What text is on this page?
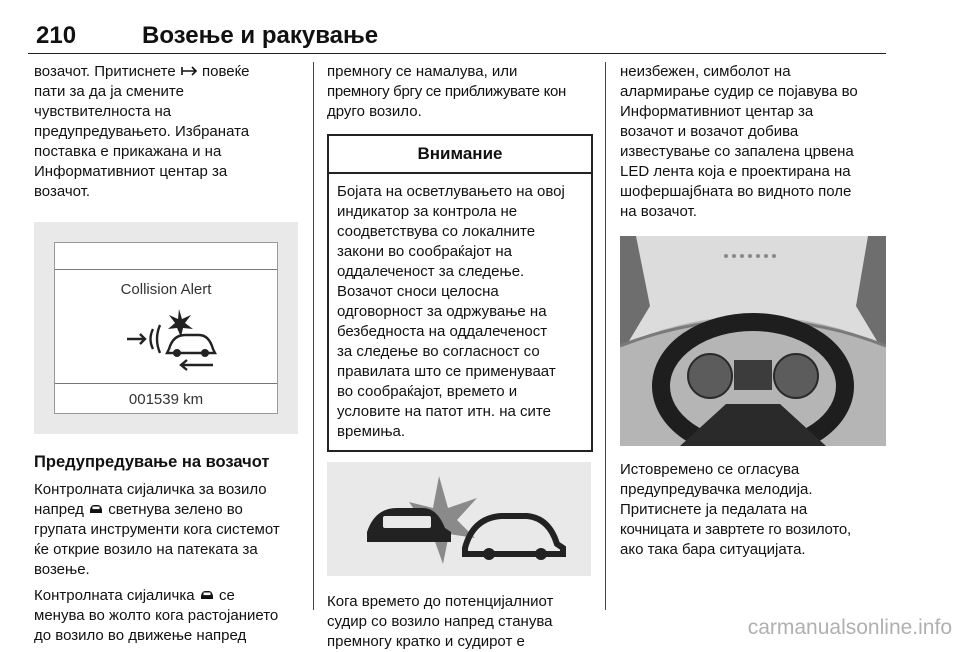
210	Возење и ракување

возачот. Притиснете повеќе

пати за да ја смените

чувствителноста на

предупредувањето. Избраната

поставка е прикажана и на

Информативниот центар за

возачот.

Collision Alert
001539 km
Предупредување на возачот

Контролната сијаличка за возило

напред светнува зелено во

групата инструменти кога системот

ќе открие возило на патеката за

возење.

Контролната сијаличка се

менува во жолто кога растојанието

до возило во движење напред

премногу се намалува, или

премногу бргу се приближувате кон

друго возило.

Внимание

Бојата на осветлувањето на овој

индикатор за контрола не

соодветствува со локалните

закони во сообраќајот на

оддалеченост за следење.

Возачот сноси целосна

одговорност за одржување на

безбедноста на оддалеченост

за следење во согласност со

правилата што се применуваат

во сообраќајот, времето и

условите на патот итн. на сите

времиња.

Кога времето до потенцијалниот

судир со возило напред станува

премногу кратко и судирот е

неизбежен, симболот на

алармирање судир се појавува во

Информативниот центар за

возачот и возачот добива

известување со запалена црвена

LED лента која е проектирана на

шофершајбната во видното поле

на возачот.

Истовремено се огласува

предупредувачка мелодија.

Притиснете ја педалата на

кочницата и завртете го возилото,

ако така бара ситуацијата.

carmanualsonline.info
